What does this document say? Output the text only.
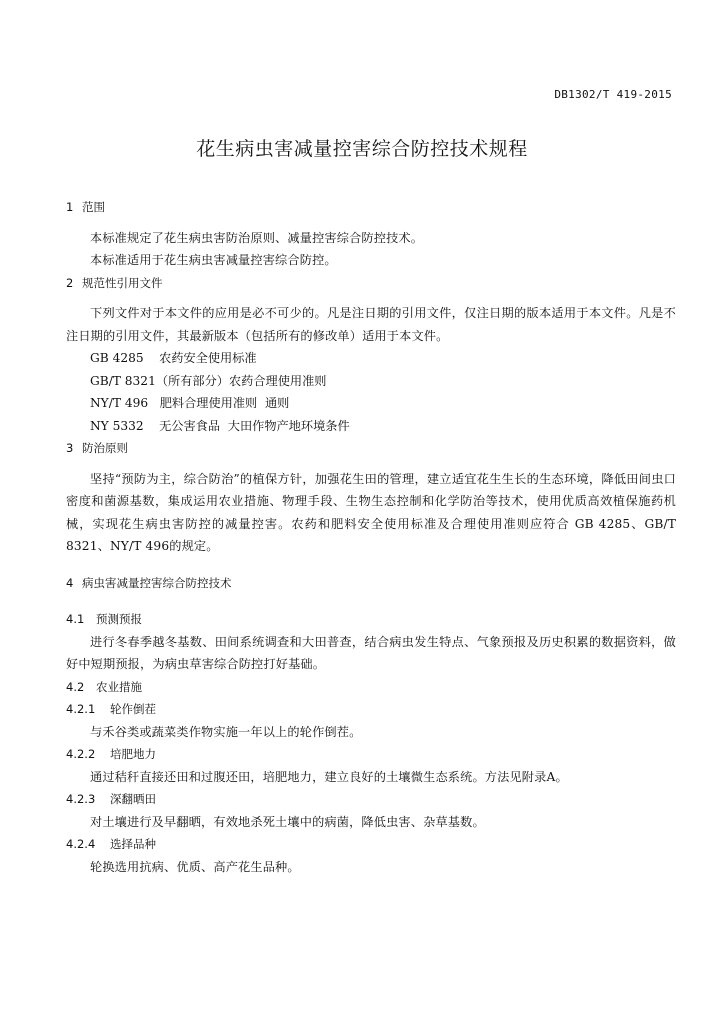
DB1302/T 419-2015
花生病虫害减量控害综合防控技术规程
1 范围
本标准规定了花生病虫害防治原则、减量控害综合防控技术。
本标准适用于花生病虫害减量控害综合防控。
2 规范性引用文件
下列文件对于本文件的应用是必不可少的。凡是注日期的引用文件，仅注日期的版本适用于本文件。凡是不注日期的引用文件，其最新版本（包括所有的修改单）适用于本文件。
GB 4285    农药安全使用标准
GB/T 8321（所有部分）农药合理使用准则
NY/T 496   肥料合理使用准则  通则
NY 5332    无公害食品  大田作物产地环境条件
3 防治原则
坚持“预防为主，综合防治”的植保方针，加强花生田的管理，建立适宜花生生长的生态环境，降低田间虫口密度和菌源基数，集成运用农业措施、物理手段、生物生态控制和化学防治等技术，使用优质高效植保施药机械，实现花生病虫害防控的减量控害。农药和肥料安全使用标准及合理使用准则应符合 GB 4285、GB/T 8321、NY/T 496的规定。
4 病虫害减量控害综合防控技术
4.1 预测预报
进行冬春季越冬基数、田间系统调查和大田普查，结合病虫发生特点、气象预报及历史积累的数据资料，做好中短期预报，为病虫草害综合防控打好基础。
4.2 农业措施
4.2.1 轮作倒茬
与禾谷类或蔬菜类作物实施一年以上的轮作倒茬。
4.2.2 培肥地力
通过秸秆直接还田和过腹还田，培肥地力，建立良好的土壤微生态系统。方法见附录A。
4.2.3 深翻晒田
对土壤进行及早翻晒，有效地杀死土壤中的病菌，降低虫害、杂草基数。
4.2.4 选择品种
轮换选用抗病、优质、高产花生品种。
